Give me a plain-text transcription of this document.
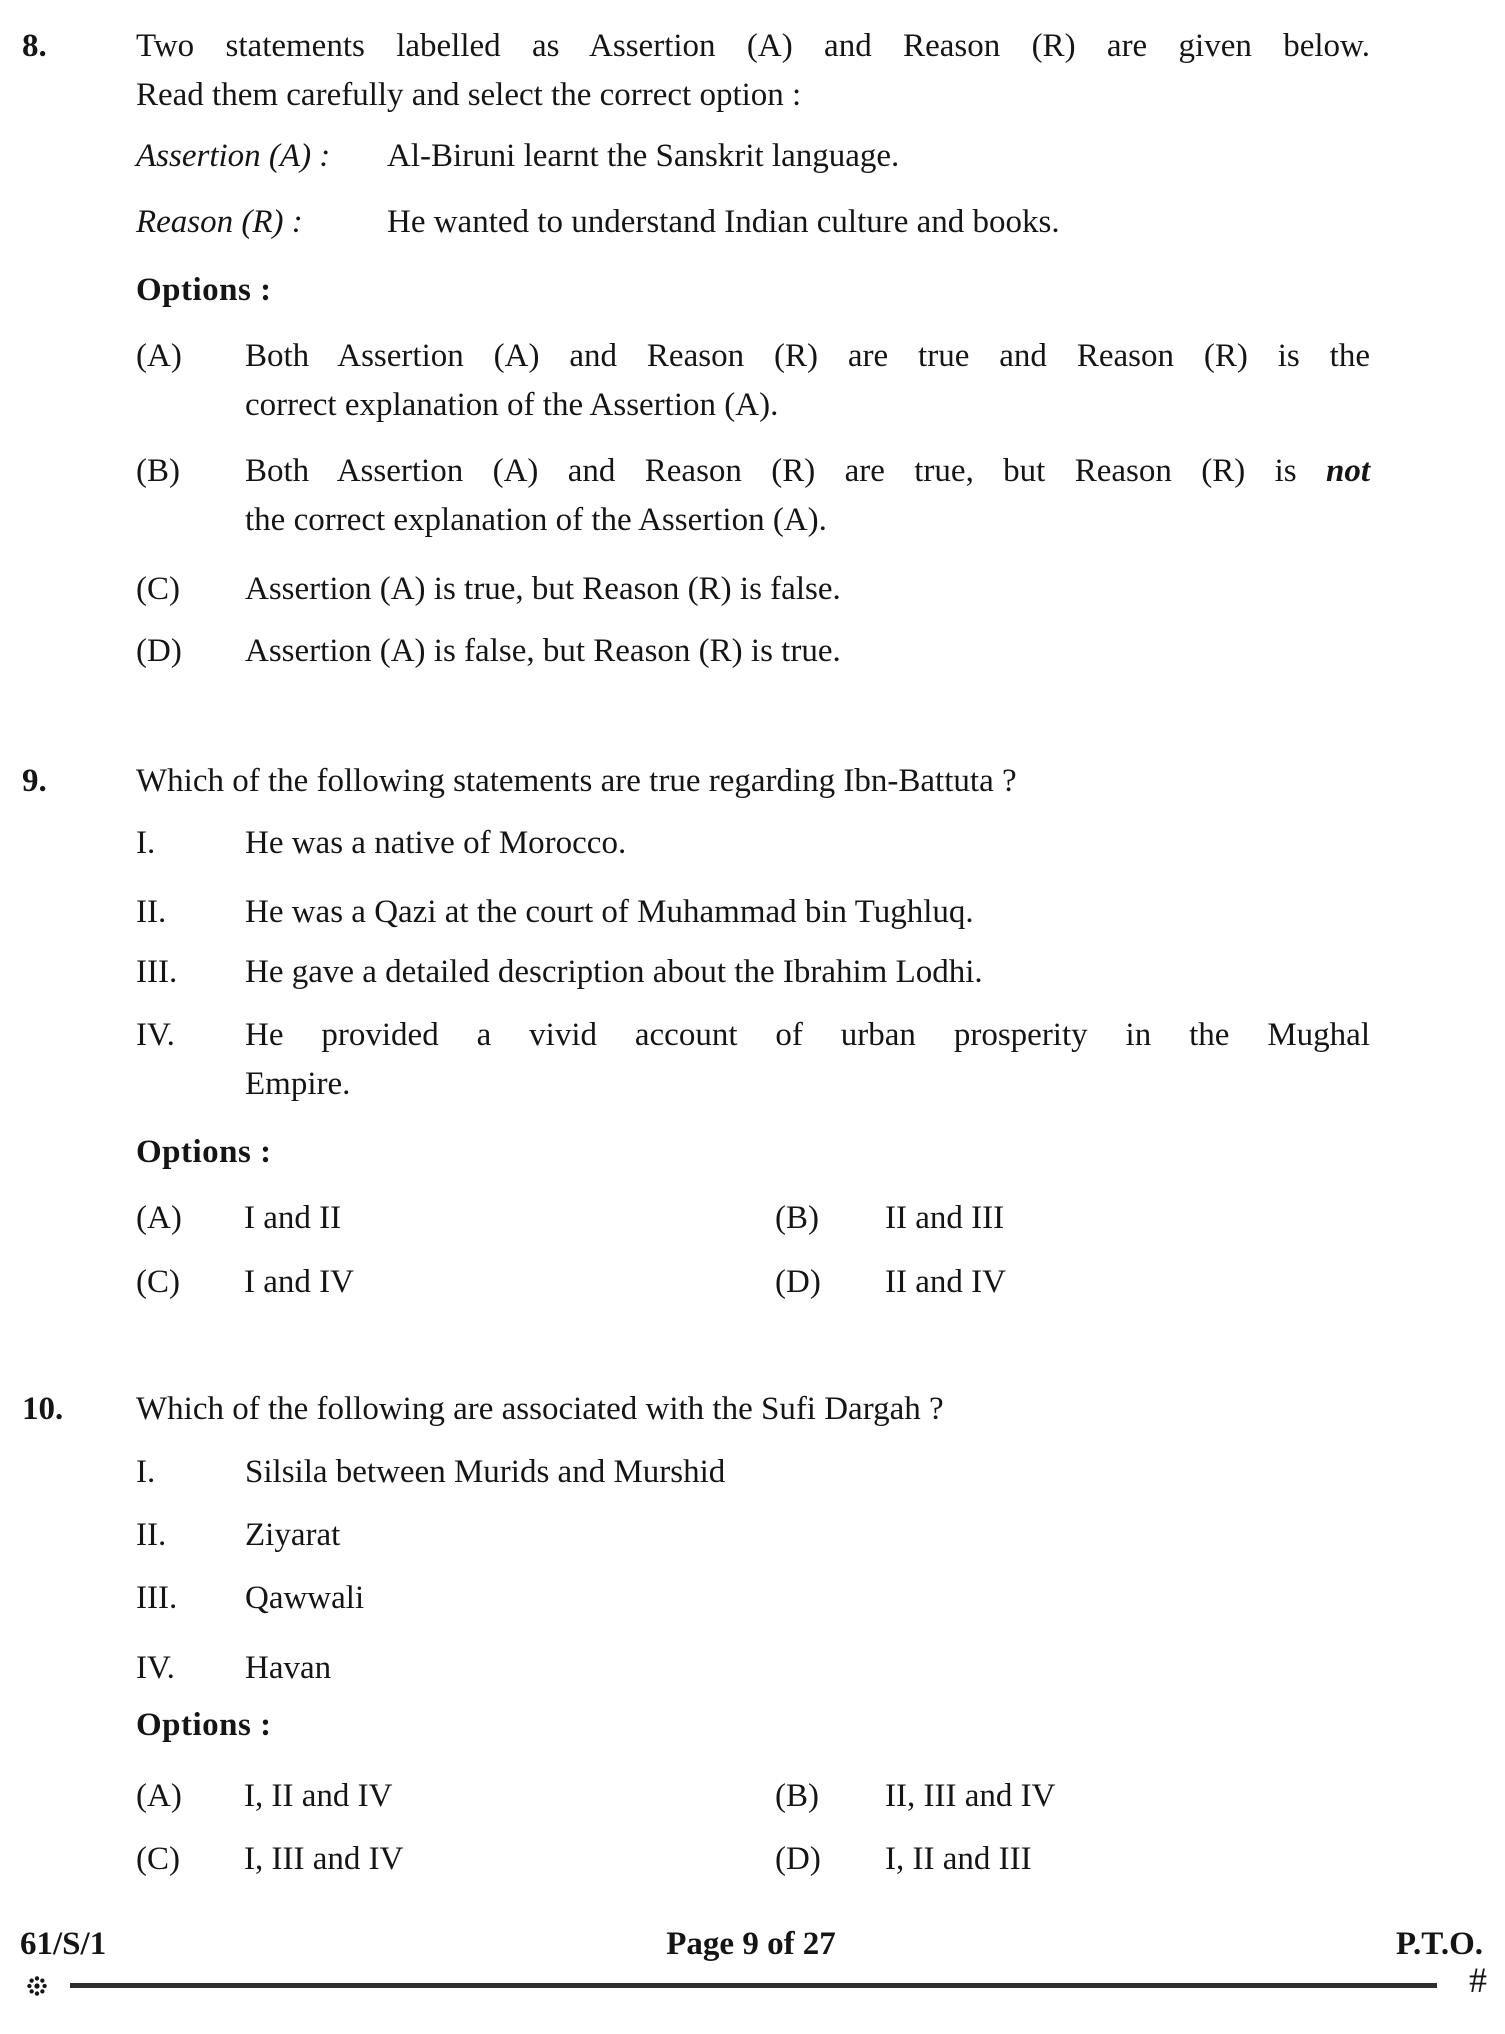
8.	Two statements labelled as Assertion (A) and Reason (R) are given below.
Read them carefully and select the correct option :
Assertion (A) :	Al-Biruni learnt the Sanskrit language.
Reason (R) :	He wanted to understand Indian culture and books.
Options :
(A)	Both Assertion (A) and Reason (R) are true and Reason (R) is the
correct explanation of the Assertion (A).
(B)	Both Assertion (A) and Reason (R) are true, but Reason (R) is not
the correct explanation of the Assertion (A).
(C)	Assertion (A) is true, but Reason (R) is false.
(D)	Assertion (A) is false, but Reason (R) is true.
9.	Which of the following statements are true regarding Ibn-Battuta ?
I.	He was a native of Morocco.
II.	He was a Qazi at the court of Muhammad bin Tughluq.
III.	He gave a detailed description about the Ibrahim Lodhi.
IV.	He provided a vivid account of urban prosperity in the Mughal
Empire.
Options :
(A)	I and II	(B)	II and III
(C)	I and IV	(D)	II and IV
10. Which of the following are associated with the Sufi Dargah ?
I.	Silsila between Murids and Murshid
II.	Ziyarat
III.	Qawwali
IV.	Havan
Options :
(A)	I, II and IV	(B)	II, III and IV
(C)	I, III and IV	(D)	I, II and III
61/S/1	Page 9 of 27	P.T.O.
#
